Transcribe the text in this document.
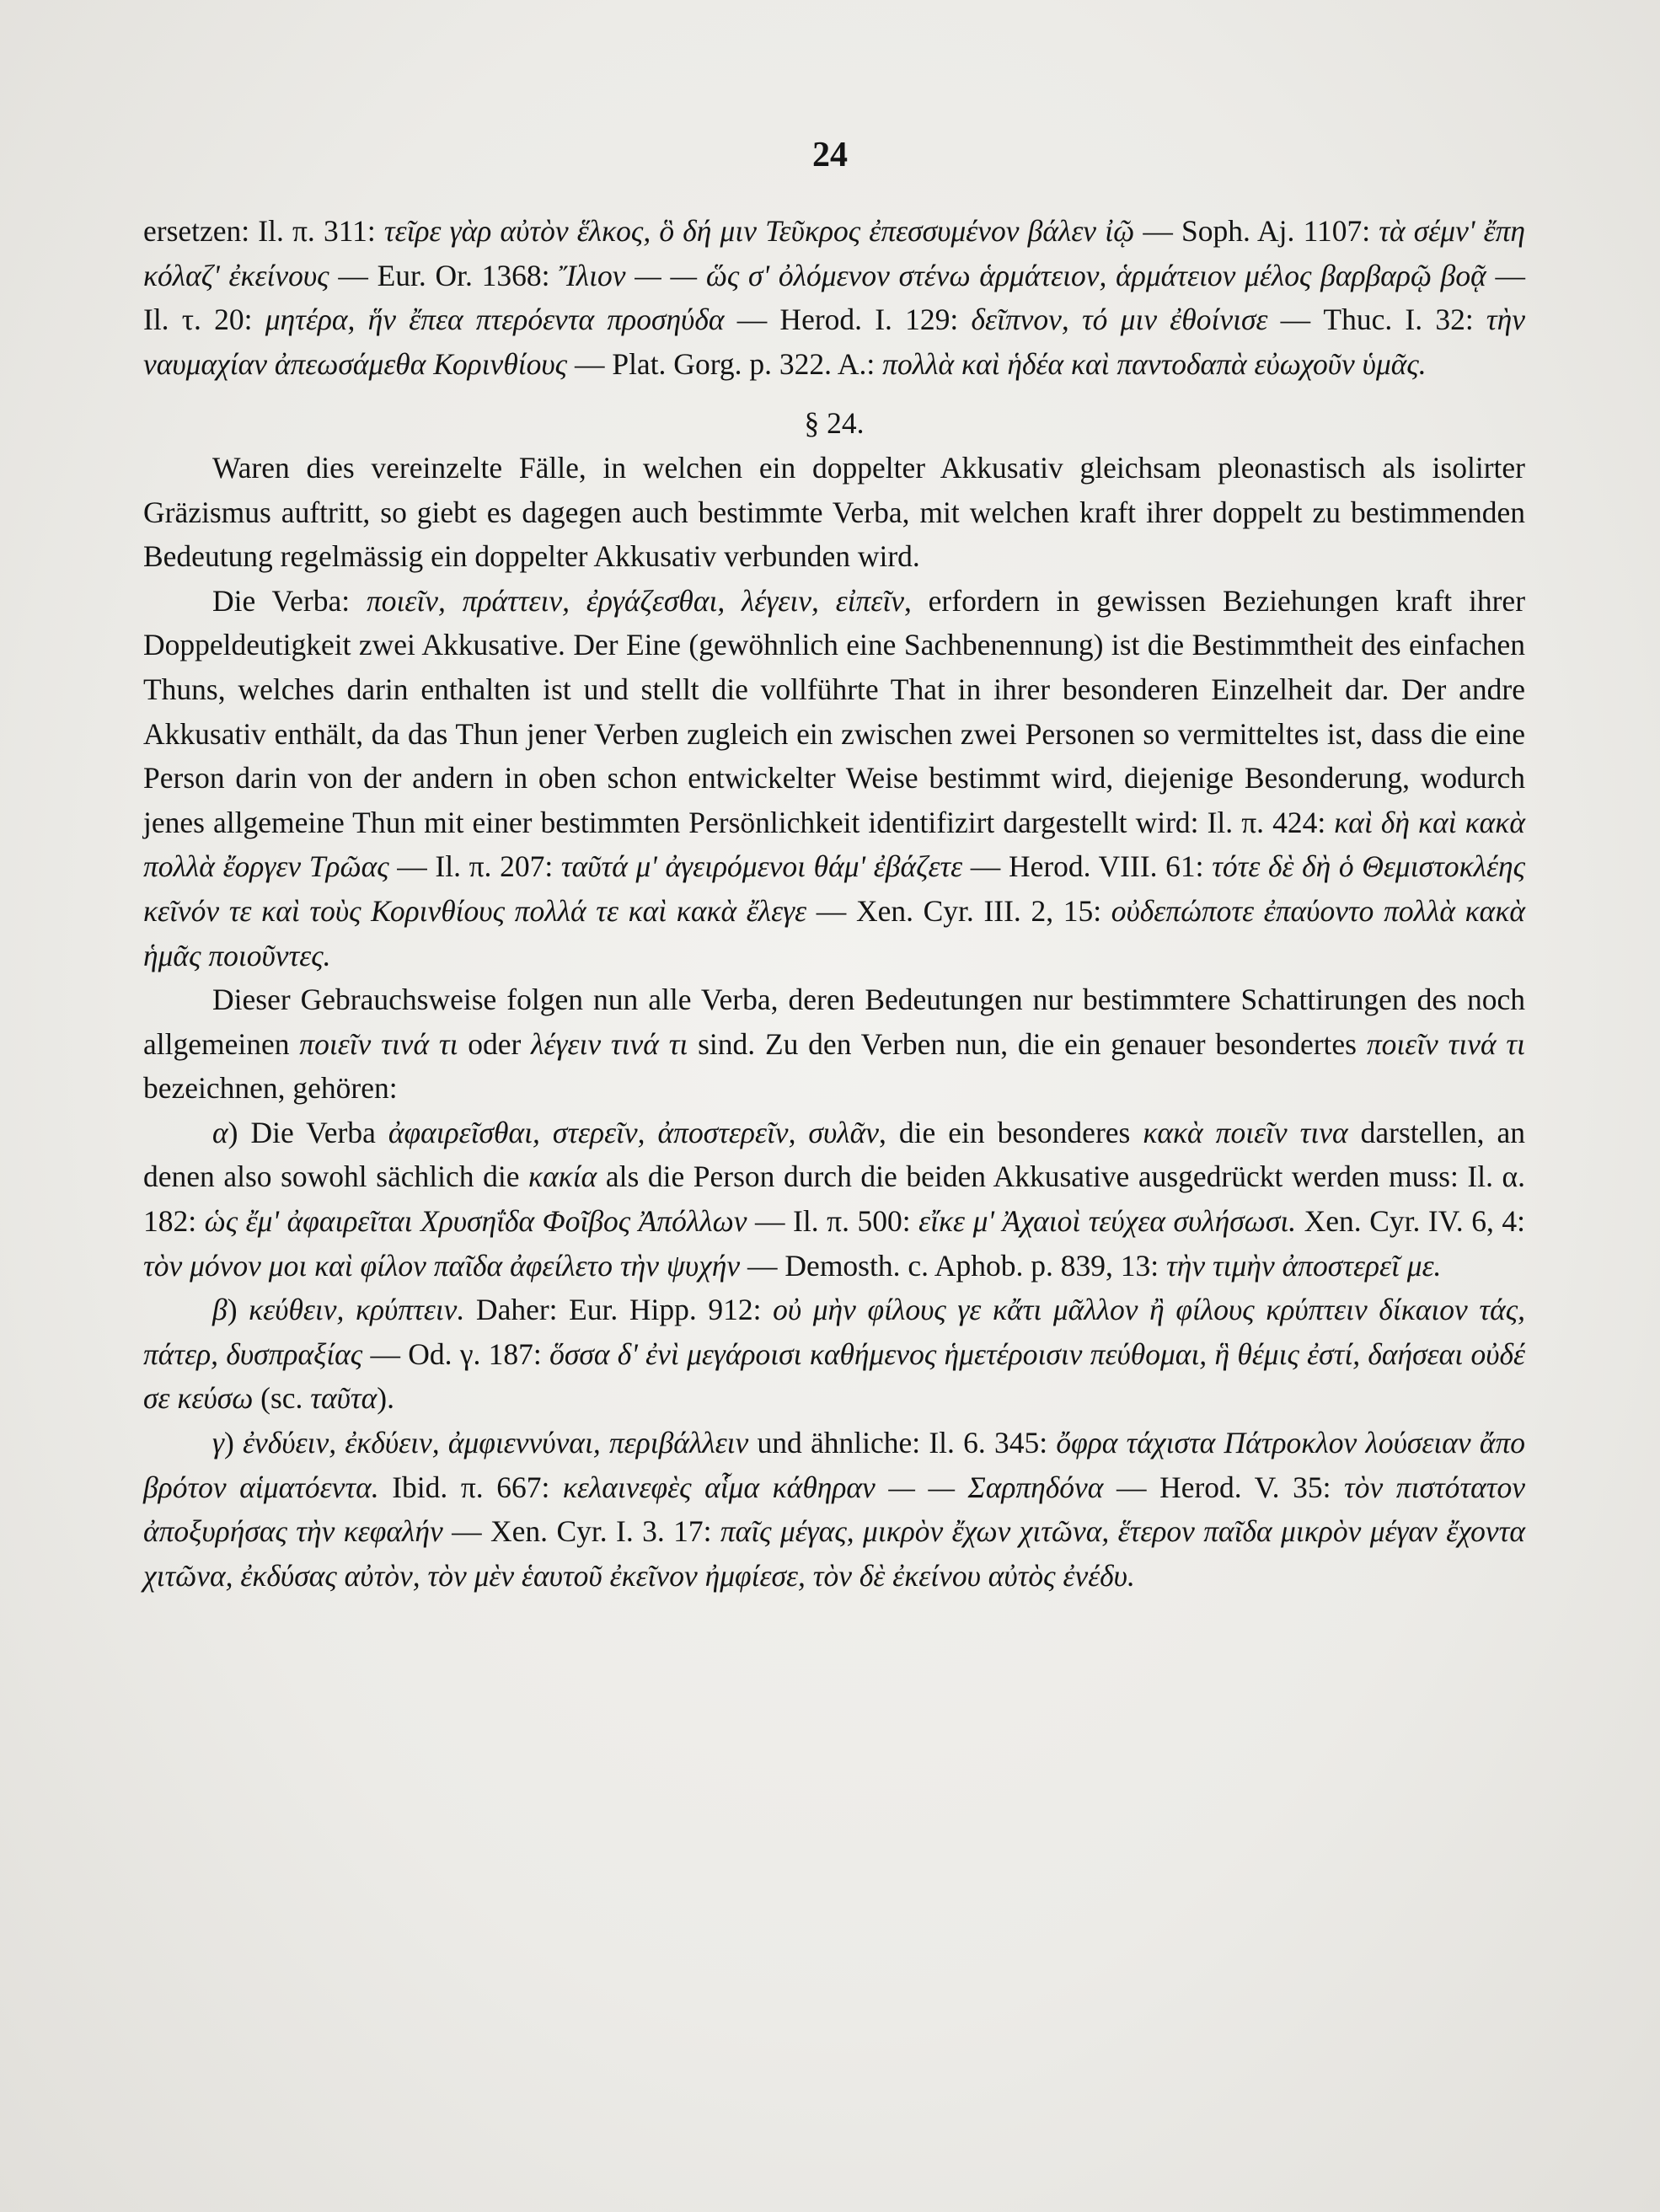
24

ersetzen: Il. π. 311: τεῖρε γὰρ αὐτὸν ἕλκος, ὃ δή μιν Τεῦκρος ἐπεσσυμένον βάλεν ἰῷ — Soph. Aj. 1107: τὰ σέμν' ἔπη κόλαζ' ἐκείνους — Eur. Or. 1368: Ἴλιον — — ὥς σ' ὀλόμενον στένω ἁρμάτειον, ἁρμάτειον μέλος βαρβαρῷ βοᾷ — Il. τ. 20: μητέρα, ἥν ἔπεα πτερόεντα προσηύδα — Herod. I. 129: δεῖπνον, τό μιν ἐθοίνισε — Thuc. I. 32: τὴν ναυμαχίαν ἀπεωσάμεθα Κορινθίους — Plat. Gorg. p. 322. A.: πολλὰ καὶ ἡδέα καὶ παντοδαπὰ εὐωχοῦν ὑμᾶς.

§ 24.

Waren dies vereinzelte Fälle, in welchen ein doppelter Akkusativ gleichsam pleonastisch als isolirter Gräzismus auftritt, so giebt es dagegen auch bestimmte Verba, mit welchen kraft ihrer doppelt zu bestimmenden Bedeutung regelmässig ein doppelter Akkusativ verbunden wird.

Die Verba: ποιεῖν, πράττειν, ἐργάζεσθαι, λέγειν, εἰπεῖν, erfordern in gewissen Beziehungen kraft ihrer Doppeldeutigkeit zwei Akkusative. Der Eine (gewöhnlich eine Sachbenennung) ist die Bestimmtheit des einfachen Thuns, welches darin enthalten ist und stellt die vollführte That in ihrer besonderen Einzelheit dar. Der andre Akkusativ enthält, da das Thun jener Verben zugleich ein zwischen zwei Personen so vermitteltes ist, dass die eine Person darin von der andern in oben schon entwickelter Weise bestimmt wird, diejenige Besonderung, wodurch jenes allgemeine Thun mit einer bestimmten Persönlichkeit identifizirt dargestellt wird: Il. π. 424: καὶ δὴ καὶ κακὰ πολλὰ ἔοργεν Τρῶας — Il. π. 207: ταῦτά μ' ἀγειρόμενοι θάμ' ἐβάζετε — Herod. VIII. 61: τότε δὲ δὴ ὁ Θεμιστοκλέης κεῖνόν τε καὶ τοὺς Κορινθίους πολλά τε καὶ κακὰ ἔλεγε — Xen. Cyr. III. 2, 15: οὐδεπώποτε ἐπαύοντο πολλὰ κακὰ ἡμᾶς ποιοῦντες.

Dieser Gebrauchsweise folgen nun alle Verba, deren Bedeutungen nur bestimmtere Schattirungen des noch allgemeinen ποιεῖν τινά τι oder λέγειν τινά τι sind. Zu den Verben nun, die ein genauer besondertes ποιεῖν τινά τι bezeichnen, gehören:

α) Die Verba ἀφαιρεῖσθαι, στερεῖν, ἀποστερεῖν, συλᾶν, die ein besonderes κακὰ ποιεῖν τινα darstellen, an denen also sowohl sächlich die κακία als die Person durch die beiden Akkusative ausgedrückt werden muss: Il. α. 182: ὡς ἔμ' ἀφαιρεῖται Χρυσηΐδα Φοῖβος Ἀπόλλων — Il. π. 500: εἴκε μ' Ἀχαιοὶ τεύχεα συλήσωσι. Xen. Cyr. IV. 6, 4: τὸν μόνον μοι καὶ φίλον παῖδα ἀφείλετο τὴν ψυχήν — Demosth. c. Aphob. p. 839, 13: τὴν τιμὴν ἀποστερεῖ με.

β) κεύθειν, κρύπτειν. Daher: Eur. Hipp. 912: οὐ μὴν φίλους γε κἄτι μᾶλλον ἢ φίλους κρύπτειν δίκαιον τάς, πάτερ, δυσπραξίας — Od. γ. 187: ὅσσα δ' ἐνὶ μεγάροισι καθήμενος ἡμετέροισιν πεύθομαι, ἣ θέμις ἐστί, δαήσεαι οὐδέ σε κεύσω (sc. ταῦτα).

γ) ἐνδύειν, ἐκδύειν, ἀμφιεννύναι, περιβάλλειν und ähnliche: Il. 6. 345: ὄφρα τάχιστα Πάτροκλον λούσειαν ἄπο βρότον αἱματόεντα. Ibid. π. 667: κελαινεφὲς αἷμα κάθηραν — — Σαρπηδόνα — Herod. V. 35: τὸν πιστότατον ἀποξυρήσας τὴν κεφαλήν — Xen. Cyr. I. 3. 17: παῖς μέγας, μικρὸν ἔχων χιτῶνα, ἕτερον παῖδα μικρὸν μέγαν ἔχοντα χιτῶνα, ἐκδύσας αὐτὸν, τὸν μὲν ἑαυτοῦ ἐκεῖνον ἠμφίεσε, τὸν δὲ ἐκείνου αὐτὸς ἐνέδυ.
